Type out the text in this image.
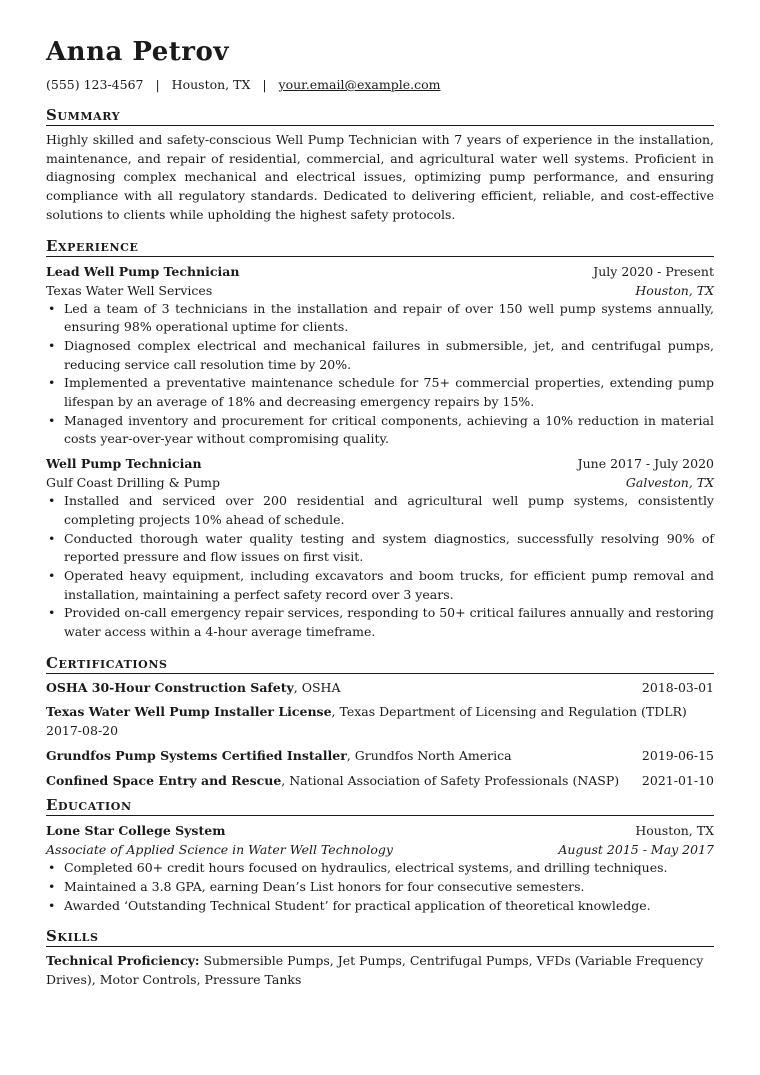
Anna Petrov
(555) 123-4567 | Houston, TX | your.email@example.com
Summary

Highly skilled and safety-conscious Well Pump Technician with 7 years of experience in the installation, maintenance, and repair of residential, commercial, and agricultural water well systems. Proficient in diagnosing complex mechanical and electrical issues, optimizing pump performance, and ensuring compliance with all regulatory standards. Dedicated to delivering efficient, reliable, and cost-effective solutions to clients while upholding the highest safety protocols.

Experience
Lead Well Pump Technician	July 2020 - Present
Texas Water Well Services	Houston, TX
• Led a team of 3 technicians in the installation and repair of over 150 well pump systems annually, ensuring 98% operational uptime for clients.
• Diagnosed complex electrical and mechanical failures in submersible, jet, and centrifugal pumps, reducing service call resolution time by 20%.
• Implemented a preventative maintenance schedule for 75+ commercial properties, extending pump lifespan by an average of 18% and decreasing emergency repairs by 15%.
• Managed inventory and procurement for critical components, achieving a 10% reduction in material costs year-over-year without compromising quality.
Well Pump Technician	June 2017 - July 2020
Gulf Coast Drilling & Pump	Galveston, TX
• Installed and serviced over 200 residential and agricultural well pump systems, consistently completing projects 10% ahead of schedule.
• Conducted thorough water quality testing and system diagnostics, successfully resolving 90% of reported pressure and flow issues on first visit.
• Operated heavy equipment, including excavators and boom trucks, for efficient pump removal and installation, maintaining a perfect safety record over 3 years.
• Provided on-call emergency repair services, responding to 50+ critical failures annually and restoring water access within a 4-hour average timeframe.
Certifications
OSHA 30-Hour Construction Safety, OSHA	2018-03-01
Texas Water Well Pump Installer License, Texas Department of Licensing and Regulation (TDLR)
2017-08-20
Grundfos Pump Systems Certified Installer, Grundfos North America	2019-06-15
Confined Space Entry and Rescue, National Association of Safety Professionals (NASP) 2021-01-10
Education
Lone Star College System	Houston, TX
Associate of Applied Science in Water Well Technology	August 2015 - May 2017
• Completed 60+ credit hours focused on hydraulics, electrical systems, and drilling techniques.
• Maintained a 3.8 GPA, earning Dean’s List honors for four consecutive semesters.
• Awarded ‘Outstanding Technical Student’ for practical application of theoretical knowledge.
Skills

Technical Proficiency: Submersible Pumps, Jet Pumps, Centrifugal Pumps, VFDs (Variable Frequency Drives), Motor Controls, Pressure Tanks
